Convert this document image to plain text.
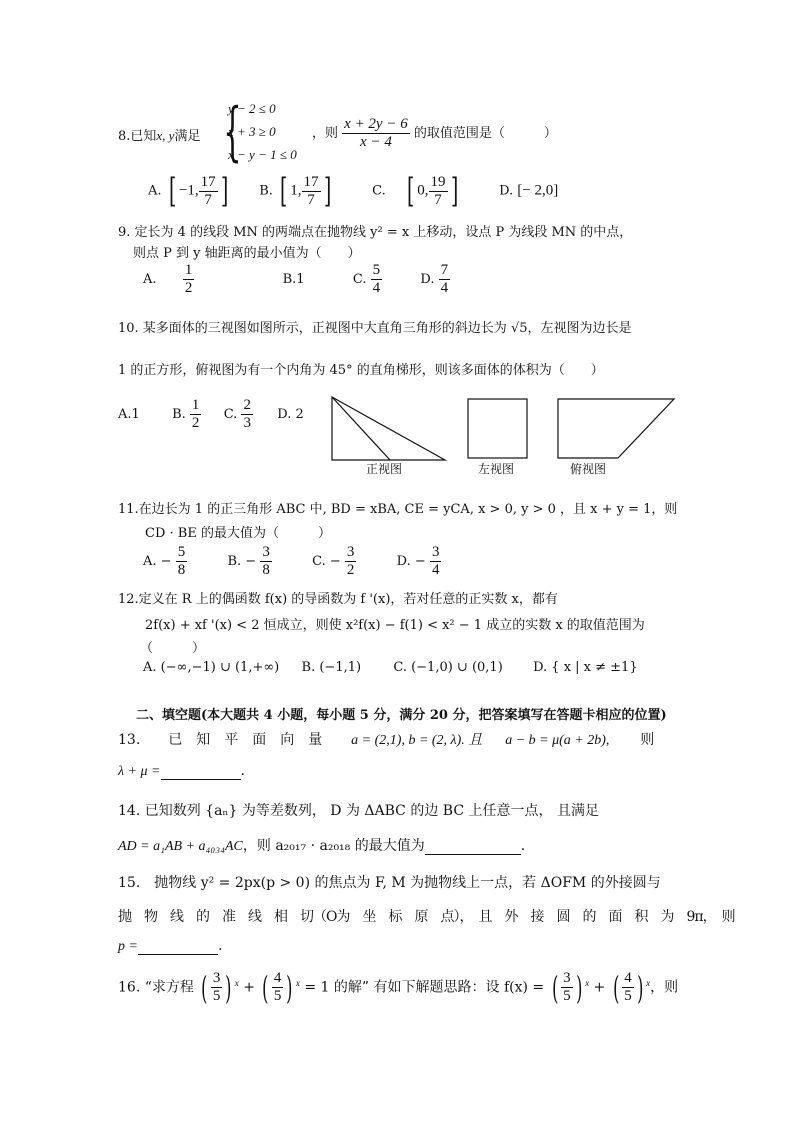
8.已知x, y满足 {
y − 2 ≤ 0
x + 3 ≥ 0
x − y − 1 ≤ 0
，则 $\frac{x + 2y - 6}{x - 4}$ 的取值范围是（　　　）
A. [ −1, $\frac{17}{7}$ ] B. [ 1, $\frac{17}{7}$ ]	C. [ 0, $\frac{19}{7}$ ]	D. [− 2,0]
9. 定长为 4 的线段 MN 的两端点在抛物线 y² = x 上移动，设点 P 为线段 MN 的中点，
则点 P 到 y 轴距离的最小值为（　　）
A. $\frac{1}{2}$	B.1	C. $\frac{5}{4}$	D. $\frac{7}{4}$
10. 某多面体的三视图如图所示，正视图中大直角三角形的斜边长为 √5，左视图为边长是
1 的正方形，俯视图为有一个内角为 45° 的直角梯形，则该多面体的体积为（　　）
A.1 B. $\frac{1}{2} C$. $\frac{2}{3} D$. 2
正视图	左视图	俯视图
11.在边长为 1 的正三角形 ABC 中, BD = xBA, CE = yCA, x > 0, y > 0 ，且 x + y = 1，则
CD · BE 的最大值为（　　　）
A. − $\frac{5}{8}$	B. − $\frac{3}{8}$	C. − $\frac{3}{2}$	D. − $\frac{3}{4}$
12.定义在 R 上的偶函数 f(x) 的导函数为 f '(x)，若对任意的正实数 x，都有
2f(x) + xf '(x) < 2 恒成立，则使 x²f(x) − f(1) < x² − 1 成立的实数 x 的取值范围为
（　　　）
A. (−∞,−1) ∪ (1,+∞) B. (−1,1) C. (−1,0) ∪ (0,1) D. { x | x ≠ ±1}
二、填空题(本大题共 4 小题，每小题 5 分，满分 20 分，把答案填写在答题卡相应的位置)
13.　　已　知　平　面　向　量 a = (2,1), b = (2, λ). 且 a − b = μ(a + 2b), 则
λ + μ =	.
14. 已知数列 {aₙ} 为等差数列， D 为 ΔABC 的边 BC 上任意一点， 且满足
AD = a₁AB + a₄₀₃₄AC，则 a₂₀₁₇ · a₂₀₁₈ 的最大值为	.
15.　抛物线 y² = 2px(p > 0) 的焦点为 F, M 为抛物线上一点，若 ΔOFM 的外接圆与
抛　物　线　的　准　线　相　切（O为　坐　标　原　点），　且　外　接　圆　的　面　积　为　9π，　则
p =	.
16. “求方程 ( $\frac{3}{5}$ ) $^x$ + ( $\frac{4}{5}$ ) $^x$ = 1 的解” 有如下解题思路：设 f(x) = ( $\frac{3}{5}$ ) $^x$ + ( $\frac{4}{5}$ ) $^x$，则
